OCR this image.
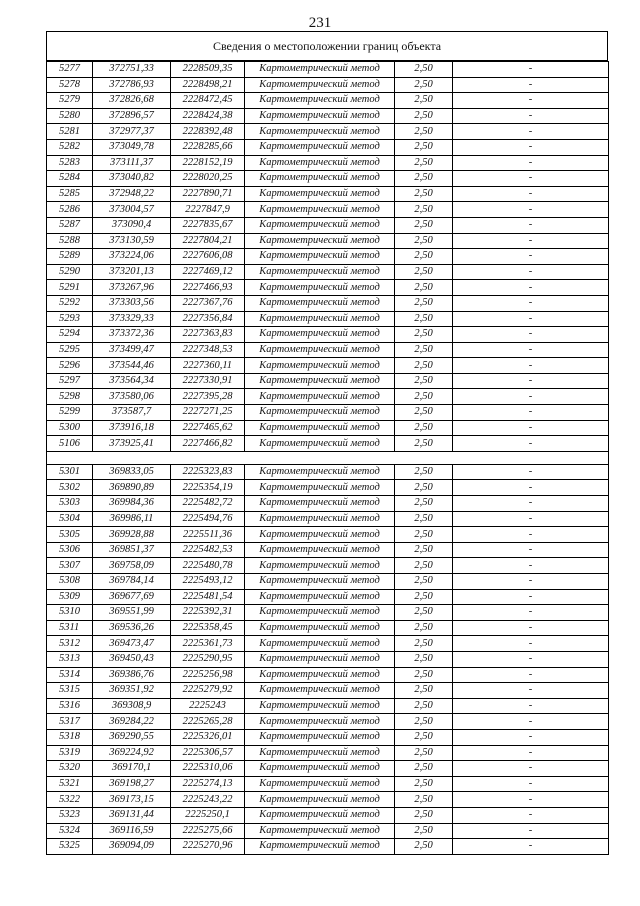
231
Сведения о местоположении границ объекта
5277	372751,33	2228509,35	Картометрический метод	2,50	-
5278	372786,93	2228498,21	Картометрический метод	2,50	-
5279	372826,68	2228472,45	Картометрический метод	2,50	-
5280	372896,57	2228424,38	Картометрический метод	2,50	-
5281	372977,37	2228392,48	Картометрический метод	2,50	-
5282	373049,78	2228285,66	Картометрический метод	2,50	-
5283	373111,37	2228152,19	Картометрический метод	2,50	-
5284	373040,82	2228020,25	Картометрический метод	2,50	-
5285	372948,22	2227890,71	Картометрический метод	2,50	-
5286	373004,57	2227847,9	Картометрический метод	2,50	-
5287	373090,4	2227835,67	Картометрический метод	2,50	-
5288	373130,59	2227804,21	Картометрический метод	2,50	-
5289	373224,06	2227606,08	Картометрический метод	2,50	-
5290	373201,13	2227469,12	Картометрический метод	2,50	-
5291	373267,96	2227466,93	Картометрический метод	2,50	-
5292	373303,56	2227367,76	Картометрический метод	2,50	-
5293	373329,33	2227356,84	Картометрический метод	2,50	-
5294	373372,36	2227363,83	Картометрический метод	2,50	-
5295	373499,47	2227348,53	Картометрический метод	2,50	-
5296	373544,46	2227360,11	Картометрический метод	2,50	-
5297	373564,34	2227330,91	Картометрический метод	2,50	-
5298	373580,06	2227395,28	Картометрический метод	2,50	-
5299	373587,7	2227271,25	Картометрический метод	2,50	-
5300	373916,18	2227465,62	Картометрический метод	2,50	-
5106	373925,41	2227466,82	Картометрический метод	2,50	-

5301	369833,05	2225323,83	Картометрический метод	2,50	-
5302	369890,89	2225354,19	Картометрический метод	2,50	-
5303	369984,36	2225482,72	Картометрический метод	2,50	-
5304	369986,11	2225494,76	Картометрический метод	2,50	-
5305	369928,88	2225511,36	Картометрический метод	2,50	-
5306	369851,37	2225482,53	Картометрический метод	2,50	-
5307	369758,09	2225480,78	Картометрический метод	2,50	-
5308	369784,14	2225493,12	Картометрический метод	2,50	-
5309	369677,69	2225481,54	Картометрический метод	2,50	-
5310	369551,99	2225392,31	Картометрический метод	2,50	-
5311	369536,26	2225358,45	Картометрический метод	2,50	-
5312	369473,47	2225361,73	Картометрический метод	2,50	-
5313	369450,43	2225290,95	Картометрический метод	2,50	-
5314	369386,76	2225256,98	Картометрический метод	2,50	-
5315	369351,92	2225279,92	Картометрический метод	2,50	-
5316	369308,9	2225243	Картометрический метод	2,50	-
5317	369284,22	2225265,28	Картометрический метод	2,50	-
5318	369290,55	2225326,01	Картометрический метод	2,50	-
5319	369224,92	2225306,57	Картометрический метод	2,50	-
5320	369170,1	2225310,06	Картометрический метод	2,50	-
5321	369198,27	2225274,13	Картометрический метод	2,50	-
5322	369173,15	2225243,22	Картометрический метод	2,50	-
5323	369131,44	2225250,1	Картометрический метод	2,50	-
5324	369116,59	2225275,66	Картометрический метод	2,50	-
5325	369094,09	2225270,96	Картометрический метод	2,50	-
